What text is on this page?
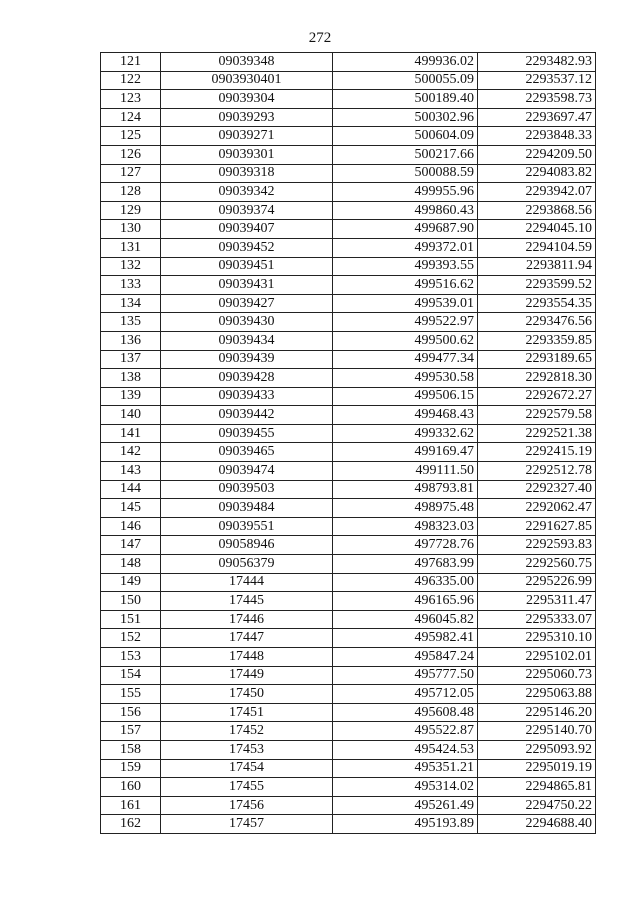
272
121	09039348	499936.02	2293482.93
122	0903930401	500055.09	2293537.12
123	09039304	500189.40	2293598.73
124	09039293	500302.96	2293697.47
125	09039271	500604.09	2293848.33
126	09039301	500217.66	2294209.50
127	09039318	500088.59	2294083.82
128	09039342	499955.96	2293942.07
129	09039374	499860.43	2293868.56
130	09039407	499687.90	2294045.10
131	09039452	499372.01	2294104.59
132	09039451	499393.55	2293811.94
133	09039431	499516.62	2293599.52
134	09039427	499539.01	2293554.35
135	09039430	499522.97	2293476.56
136	09039434	499500.62	2293359.85
137	09039439	499477.34	2293189.65
138	09039428	499530.58	2292818.30
139	09039433	499506.15	2292672.27
140	09039442	499468.43	2292579.58
141	09039455	499332.62	2292521.38
142	09039465	499169.47	2292415.19
143	09039474	499111.50	2292512.78
144	09039503	498793.81	2292327.40
145	09039484	498975.48	2292062.47
146	09039551	498323.03	2291627.85
147	09058946	497728.76	2292593.83
148	09056379	497683.99	2292560.75
149	17444	496335.00	2295226.99
150	17445	496165.96	2295311.47
151	17446	496045.82	2295333.07
152	17447	495982.41	2295310.10
153	17448	495847.24	2295102.01
154	17449	495777.50	2295060.73
155	17450	495712.05	2295063.88
156	17451	495608.48	2295146.20
157	17452	495522.87	2295140.70
158	17453	495424.53	2295093.92
159	17454	495351.21	2295019.19
160	17455	495314.02	2294865.81
161	17456	495261.49	2294750.22
162	17457	495193.89	2294688.40
